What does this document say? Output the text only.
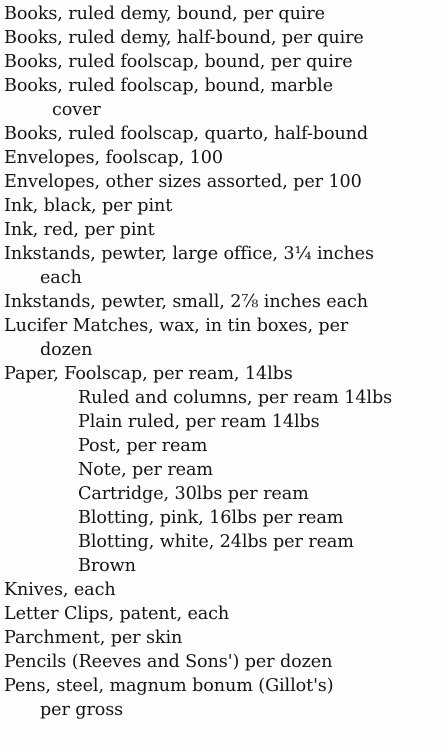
Books, ruled demy, bound, per quire
Books, ruled demy, half-bound, per quire
Books, ruled foolscap, bound, per quire
Books, ruled foolscap, bound, marble
cover
Books, ruled foolscap, quarto, half-bound
Envelopes, foolscap, 100
Envelopes, other sizes assorted, per 100
Ink, black, per pint
Ink, red, per pint
Inkstands, pewter, large office, 3¼ inches
each
Inkstands, pewter, small, 2⅞ inches each
Lucifer Matches, wax, in tin boxes, per
dozen
Paper, Foolscap, per ream, 14lbs
Ruled and columns, per ream 14lbs
Plain ruled, per ream 14lbs
Post, per ream
Note, per ream
Cartridge, 30lbs per ream
Blotting, pink, 16lbs per ream
Blotting, white, 24lbs per ream
Brown
Knives, each
Letter Clips, patent, each
Parchment, per skin
Pencils (Reeves and Sons') per dozen
Pens, steel, magnum bonum (Gillot's)
per gross
